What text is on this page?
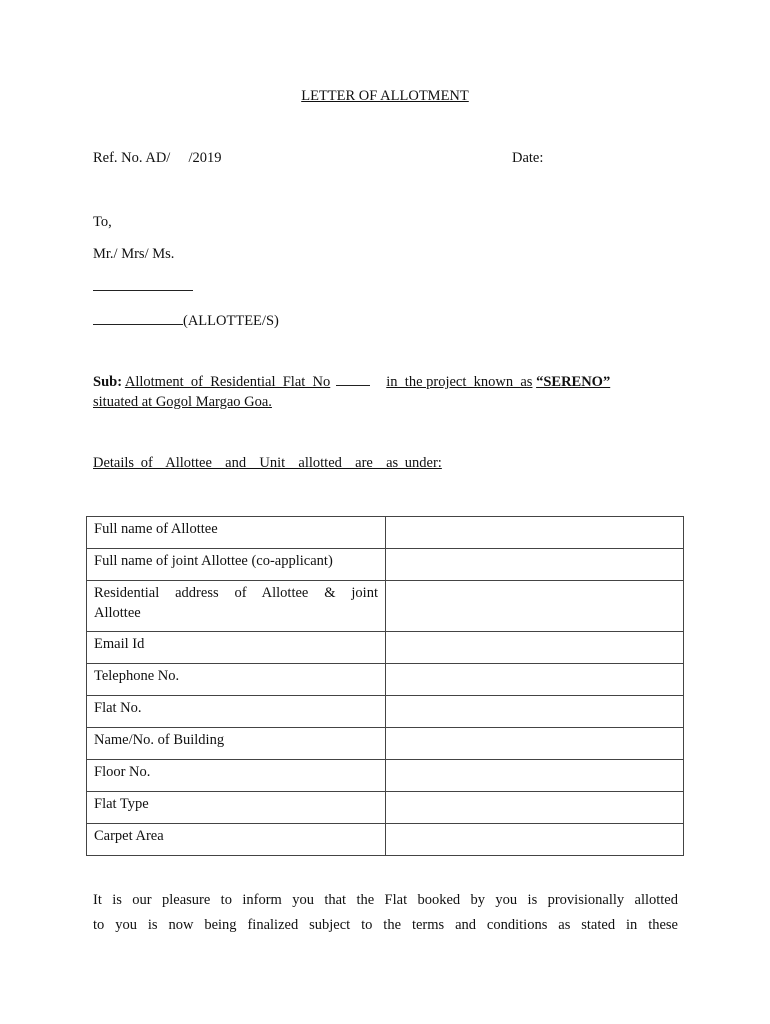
LETTER OF ALLOTMENT
Ref. No. AD/     /2019	Date:
To,
Mr./ Mrs/ Ms.
(ALLOTTEE/S)
Sub: Allotment  of  Residential  Flat  No	in  the project  known  as “SERENO”
situated at Gogol Margao Goa.
Details of  Allottee  and  Unit  allotted  are  as under:
Full name of Allottee	
Full name of joint Allottee (co-applicant)	
Residential  address  of  Allottee  &  joint Allottee	
Email Id	
Telephone No.	
Flat No.	
Name/No. of Building	
Floor No.	
Flat Type	
Carpet Area	

It is our pleasure to inform you that the Flat booked by you is provisionally allotted

to you is now being finalized subject to the terms and conditions as stated in these
